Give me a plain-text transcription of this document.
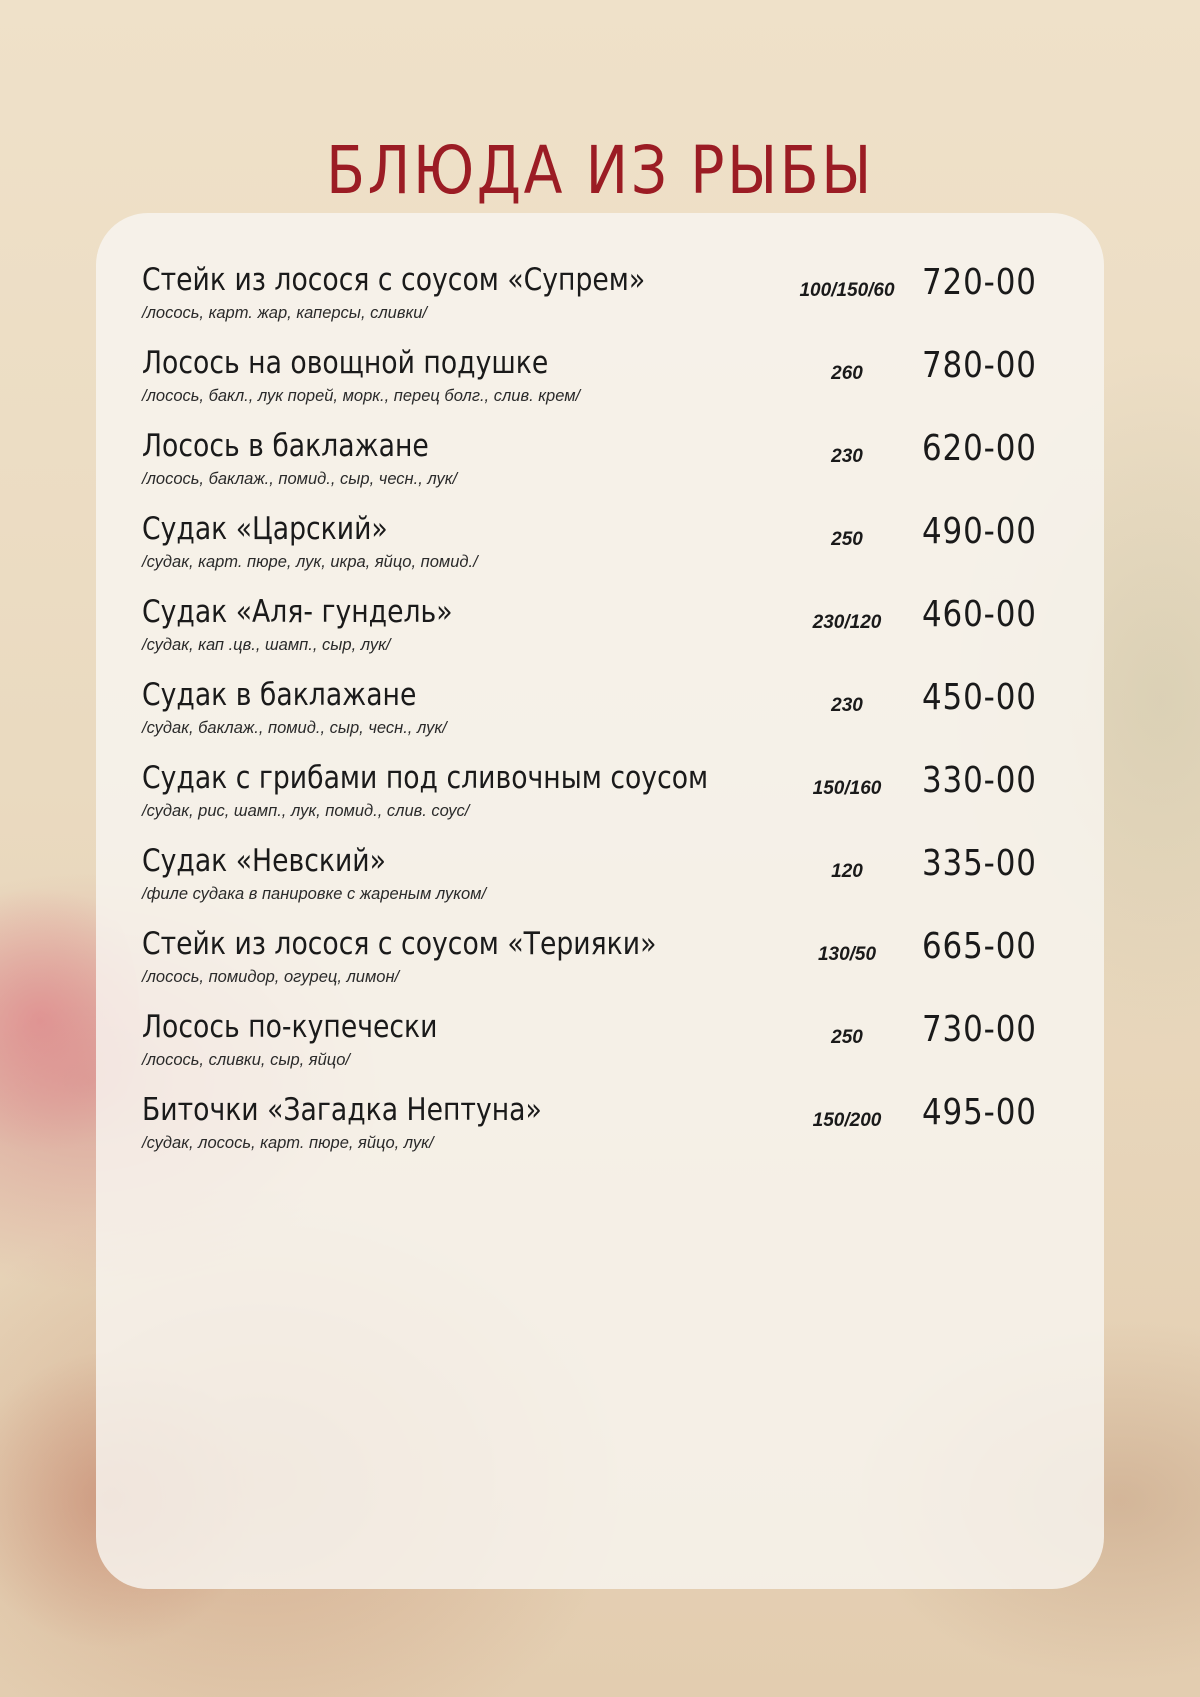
БЛЮДА ИЗ РЫБЫ
Стейк из лосося с соусом «Супрем»
/лосось, карт. жар, каперсы, сливки/
100/150/60 720-00
Лосось на овощной подушке
/лосось, бакл., лук порей, морк., перец болг., слив. крем/
260	780-00
Лосось в баклажане
/лосось, баклаж., помид., сыр, чесн., лук/
230	620-00
Судак «Царский»
/судак, карт. пюре, лук, икра, яйцо, помид./
250	490-00
Судак «Аля- гундель»
/судак, кап .цв., шамп., сыр, лук/
230/120	460-00
Судак в баклажане
/судак, баклаж., помид., сыр, чесн., лук/
230	450-00
Судак с грибами под сливочным соусом
/судак, рис, шамп., лук, помид., слив. соус/
150/160	330-00
Судак «Невский»
/филе судака в панировке с жареным луком/
120	335-00
Стейк из лосося с соусом «Терияки»
/лосось, помидор, огурец, лимон/
130/50	665-00
Лосось по-купечески
/лосось, сливки, сыр, яйцо/
250	730-00
Биточки «Загадка Нептуна»
/судак, лосось, карт. пюре, яйцо, лук/
150/200	495-00
